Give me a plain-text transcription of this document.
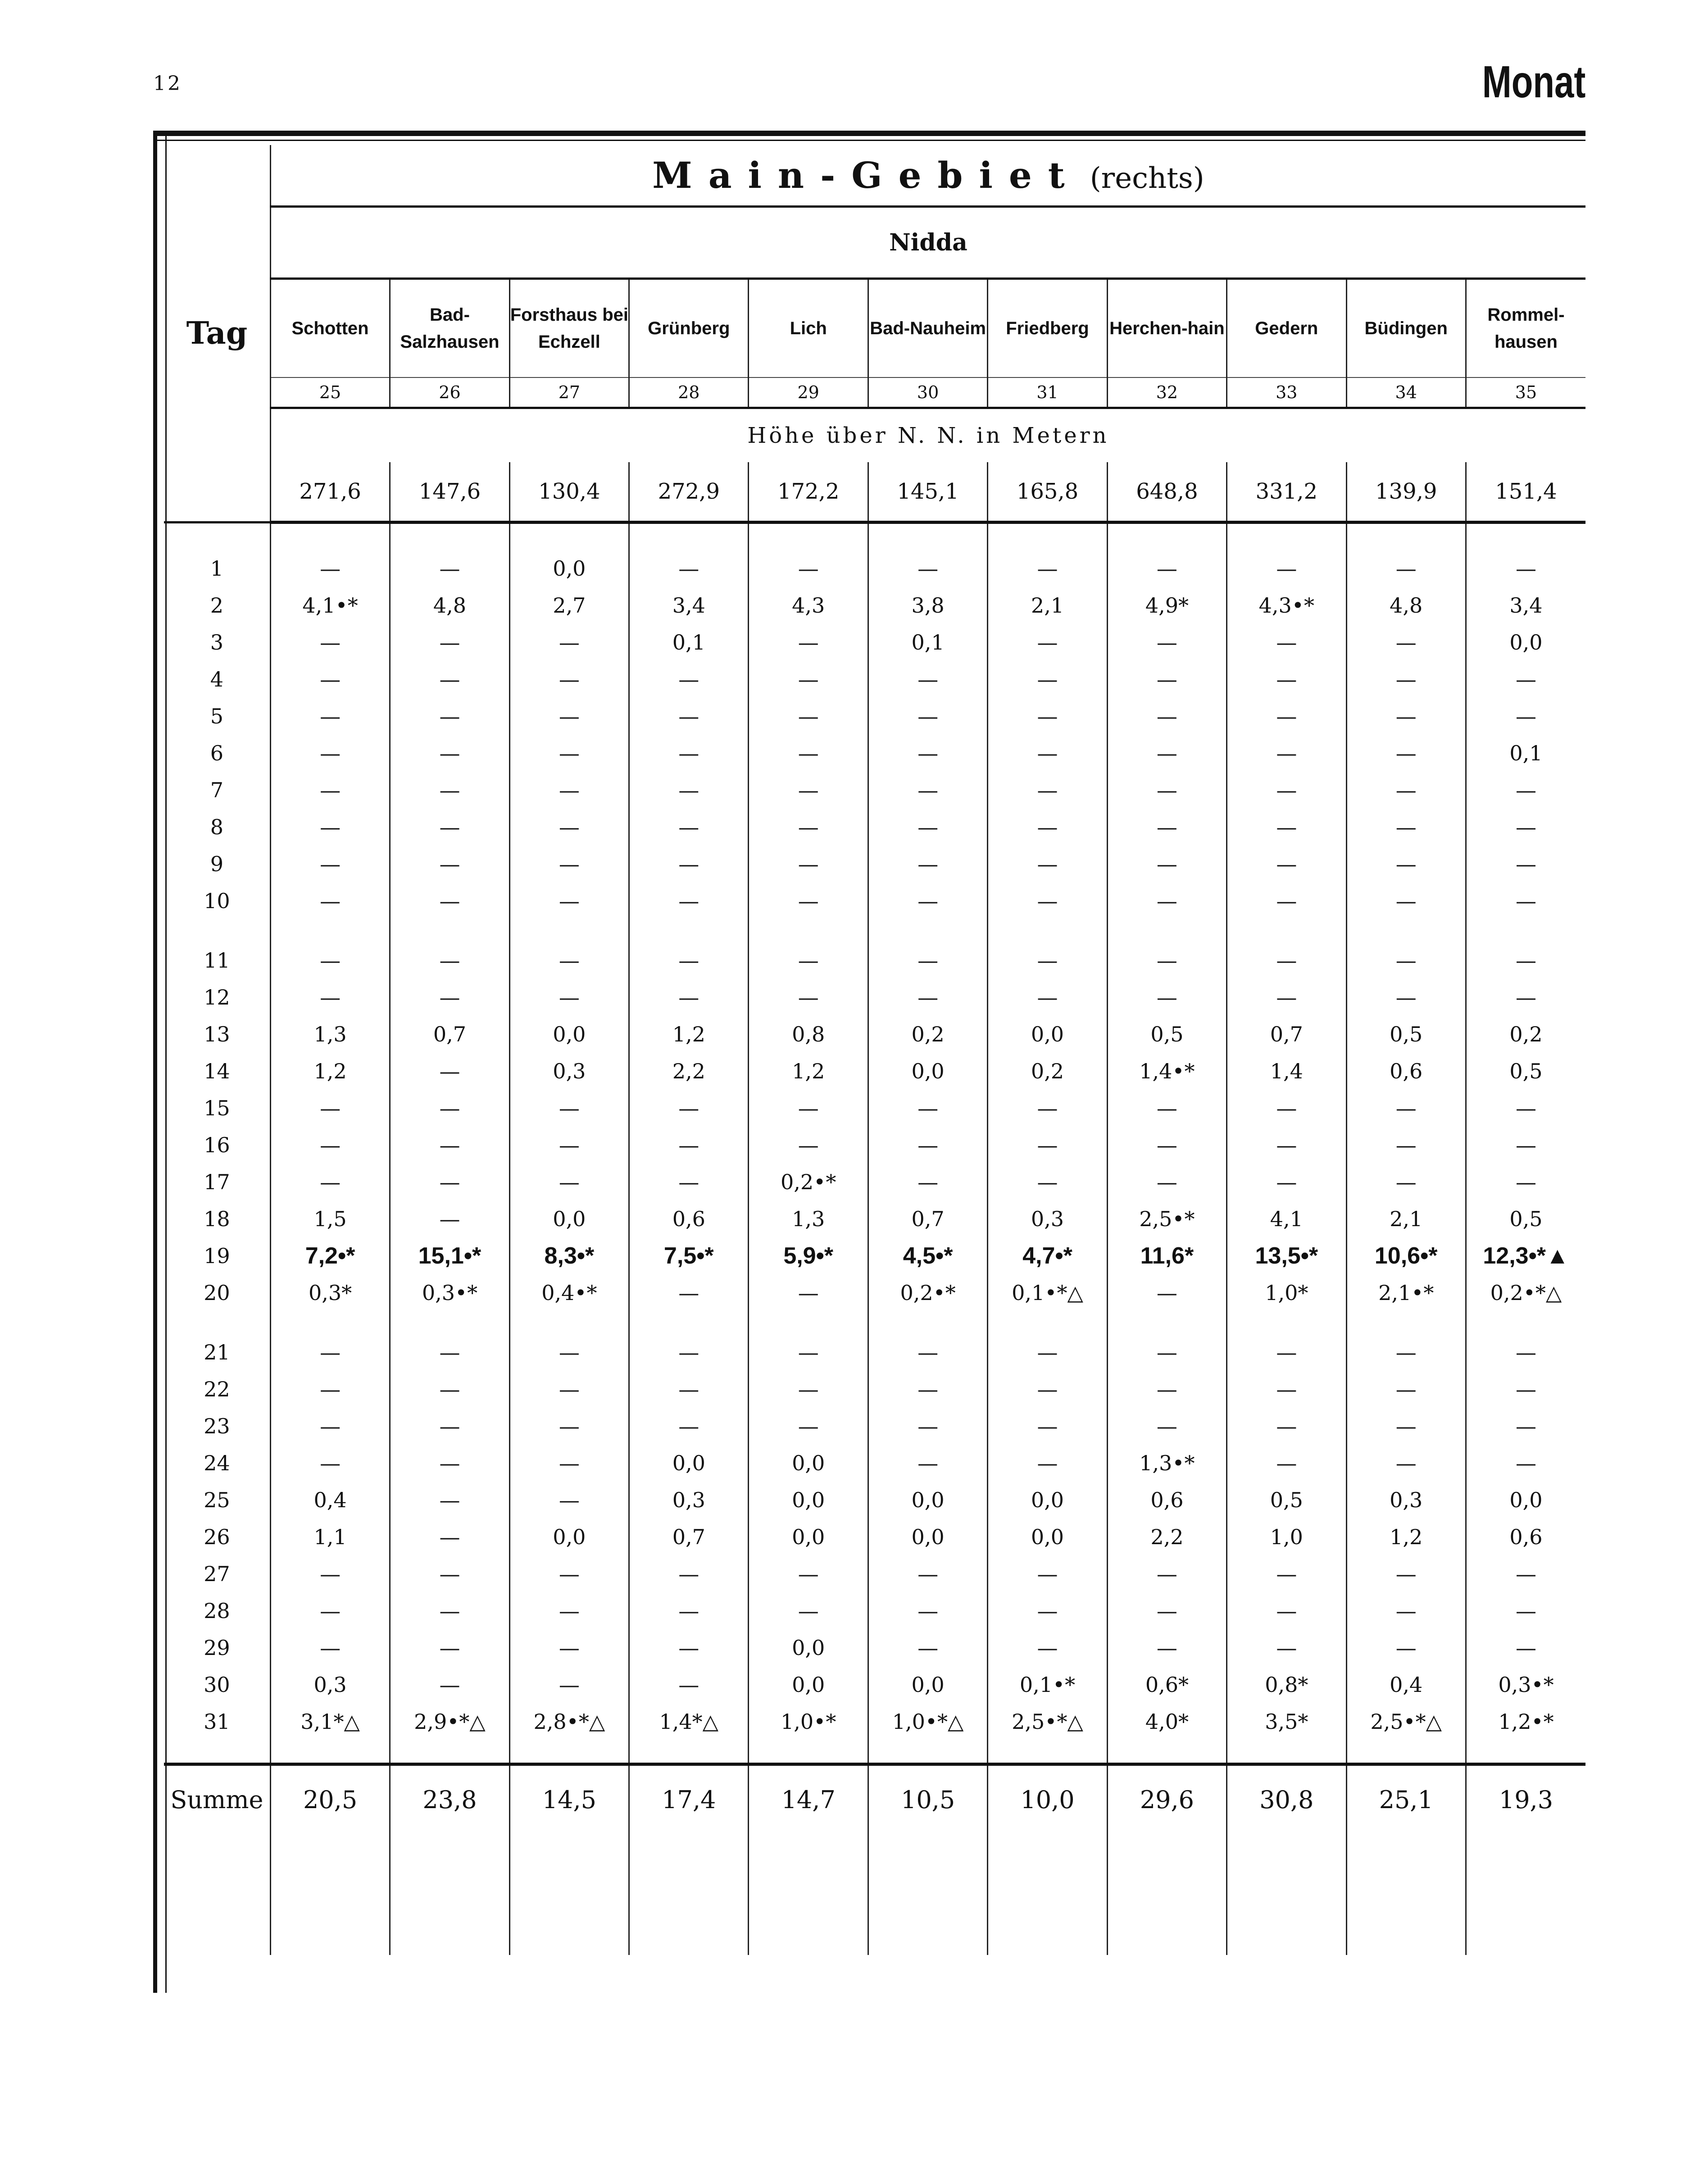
12	Monat
Tag	Main-Gebiet (rechts)										
	Nidda										
	Schotten	Bad-Salzhausen	Forsthaus bei Echzell	Grünberg	Lich	Bad-Nauheim	Friedberg	Herchen-hain	Gedern	Büdingen	Rommel-hausen
	25	26	27	28	29	30	31	32	33	34	35
	Höhe über N. N. in Metern										
	271,6	147,6	130,4	272,9	172,2	145,1	165,8	648,8	331,2	139,9	151,4

1	—	—	0,0	—	—	—	—	—	—	—	—
2	4,1•*	4,8	2,7	3,4	4,3	3,8	2,1	4,9*	4,3•*	4,8	3,4
3	—	—	—	0,1	—	0,1	—	—	—	—	0,0
4	—	—	—	—	—	—	—	—	—	—	—
5	—	—	—	—	—	—	—	—	—	—	—
6	—	—	—	—	—	—	—	—	—	—	0,1
7	—	—	—	—	—	—	—	—	—	—	—
8	—	—	—	—	—	—	—	—	—	—	—
9	—	—	—	—	—	—	—	—	—	—	—
10	—	—	—	—	—	—	—	—	—	—	—

11	—	—	—	—	—	—	—	—	—	—	—
12	—	—	—	—	—	—	—	—	—	—	—
13	1,3	0,7	0,0	1,2	0,8	0,2	0,0	0,5	0,7	0,5	0,2
14	1,2	—	0,3	2,2	1,2	0,0	0,2	1,4•*	1,4	0,6	0,5
15	—	—	—	—	—	—	—	—	—	—	—
16	—	—	—	—	—	—	—	—	—	—	—
17	—	—	—	—	0,2•*	—	—	—	—	—	—
18	1,5	—	0,0	0,6	1,3	0,7	0,3	2,5•*	4,1	2,1	0,5
19	7,2•*	15,1•*	8,3•*	7,5•*	5,9•*	4,5•*	4,7•*	11,6*	13,5•*	10,6•*	12,3•*▲
20	0,3*	0,3•*	0,4•*	—	—	0,2•*	0,1•*△	—	1,0*	2,1•*	0,2•*△

21	—	—	—	—	—	—	—	—	—	—	—
22	—	—	—	—	—	—	—	—	—	—	—
23	—	—	—	—	—	—	—	—	—	—	—
24	—	—	—	0,0	0,0	—	—	1,3•*	—	—	—
25	0,4	—	—	0,3	0,0	0,0	0,0	0,6	0,5	0,3	0,0
26	1,1	—	0,0	0,7	0,0	0,0	0,0	2,2	1,0	1,2	0,6
27	—	—	—	—	—	—	—	—	—	—	—
28	—	—	—	—	—	—	—	—	—	—	—
29	—	—	—	—	0,0	—	—	—	—	—	—
30	0,3	—	—	—	0,0	0,0	0,1•*	0,6*	0,8*	0,4	0,3•*
31	3,1*△	2,9•*△	2,8•*△	1,4*△	1,0•*	1,0•*△	2,5•*△	4,0*	3,5*	2,5•*△	1,2•*

Summe	20,5	23,8	14,5	17,4	14,7	10,5	10,0	29,6	30,8	25,1	19,3
